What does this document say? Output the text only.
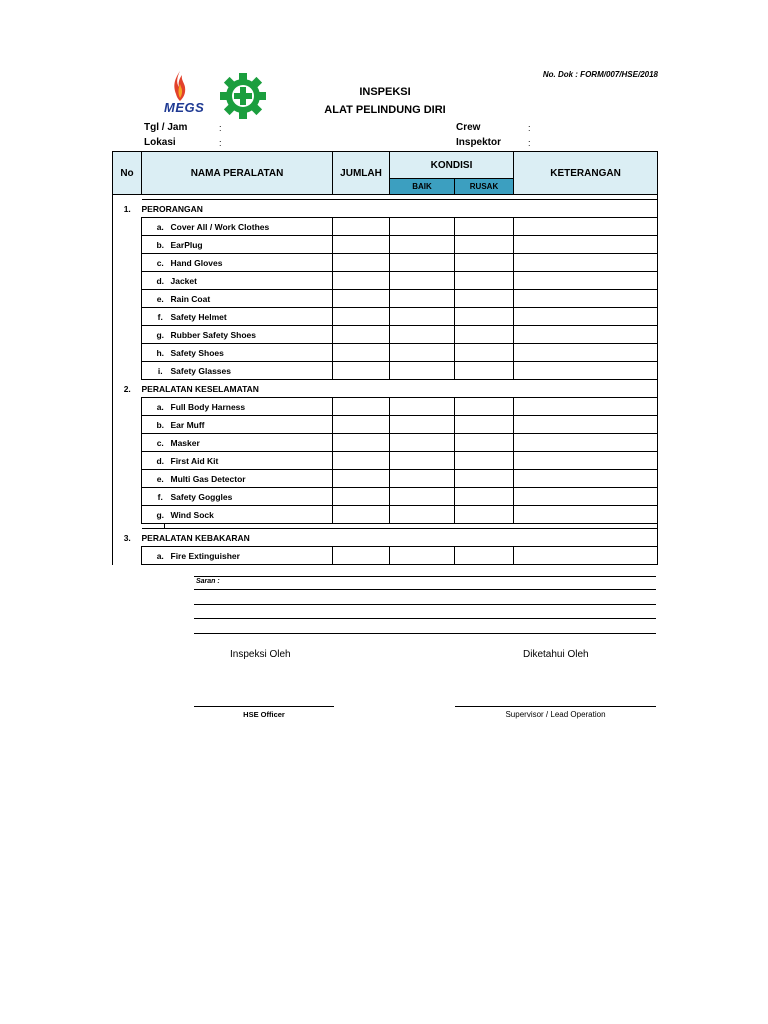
No. Dok : FORM/007/HSE/2018
MEGS
INSPEKSI
ALAT PELINDUNG DIRI
Tgl / Jam	:
Lokasi	:
Crew	:
Inspektor	:
No	NAMA PERALATAN		JUMLAH	KONDISI		KETERANGAN
				BAIK	RUSAK	

1.	PERORANGAN					
	a.	Cover All / Work Clothes				
	b.	EarPlug				
	c.	Hand Gloves				
	d.	Jacket				
	e.	Rain Coat				
	f.	Safety Helmet				
	g.	Rubber Safety Shoes				
	h.	Safety Shoes				
	i.	Safety Glasses				
2.	PERALATAN KESELAMATAN					
	a.	Full Body Harness				
	b.	Ear Muff				
	c.	Masker				
	d.	First Aid Kit				
	e.	Multi Gas Detector				
	f.	Safety Goggles				
	g.	Wind Sock				

3.	PERALATAN KEBAKARAN					
	a.	Fire Extinguisher				
Saran :
Inspeksi Oleh	Diketahui Oleh
HSE Officer	Supervisor / Lead Operation
